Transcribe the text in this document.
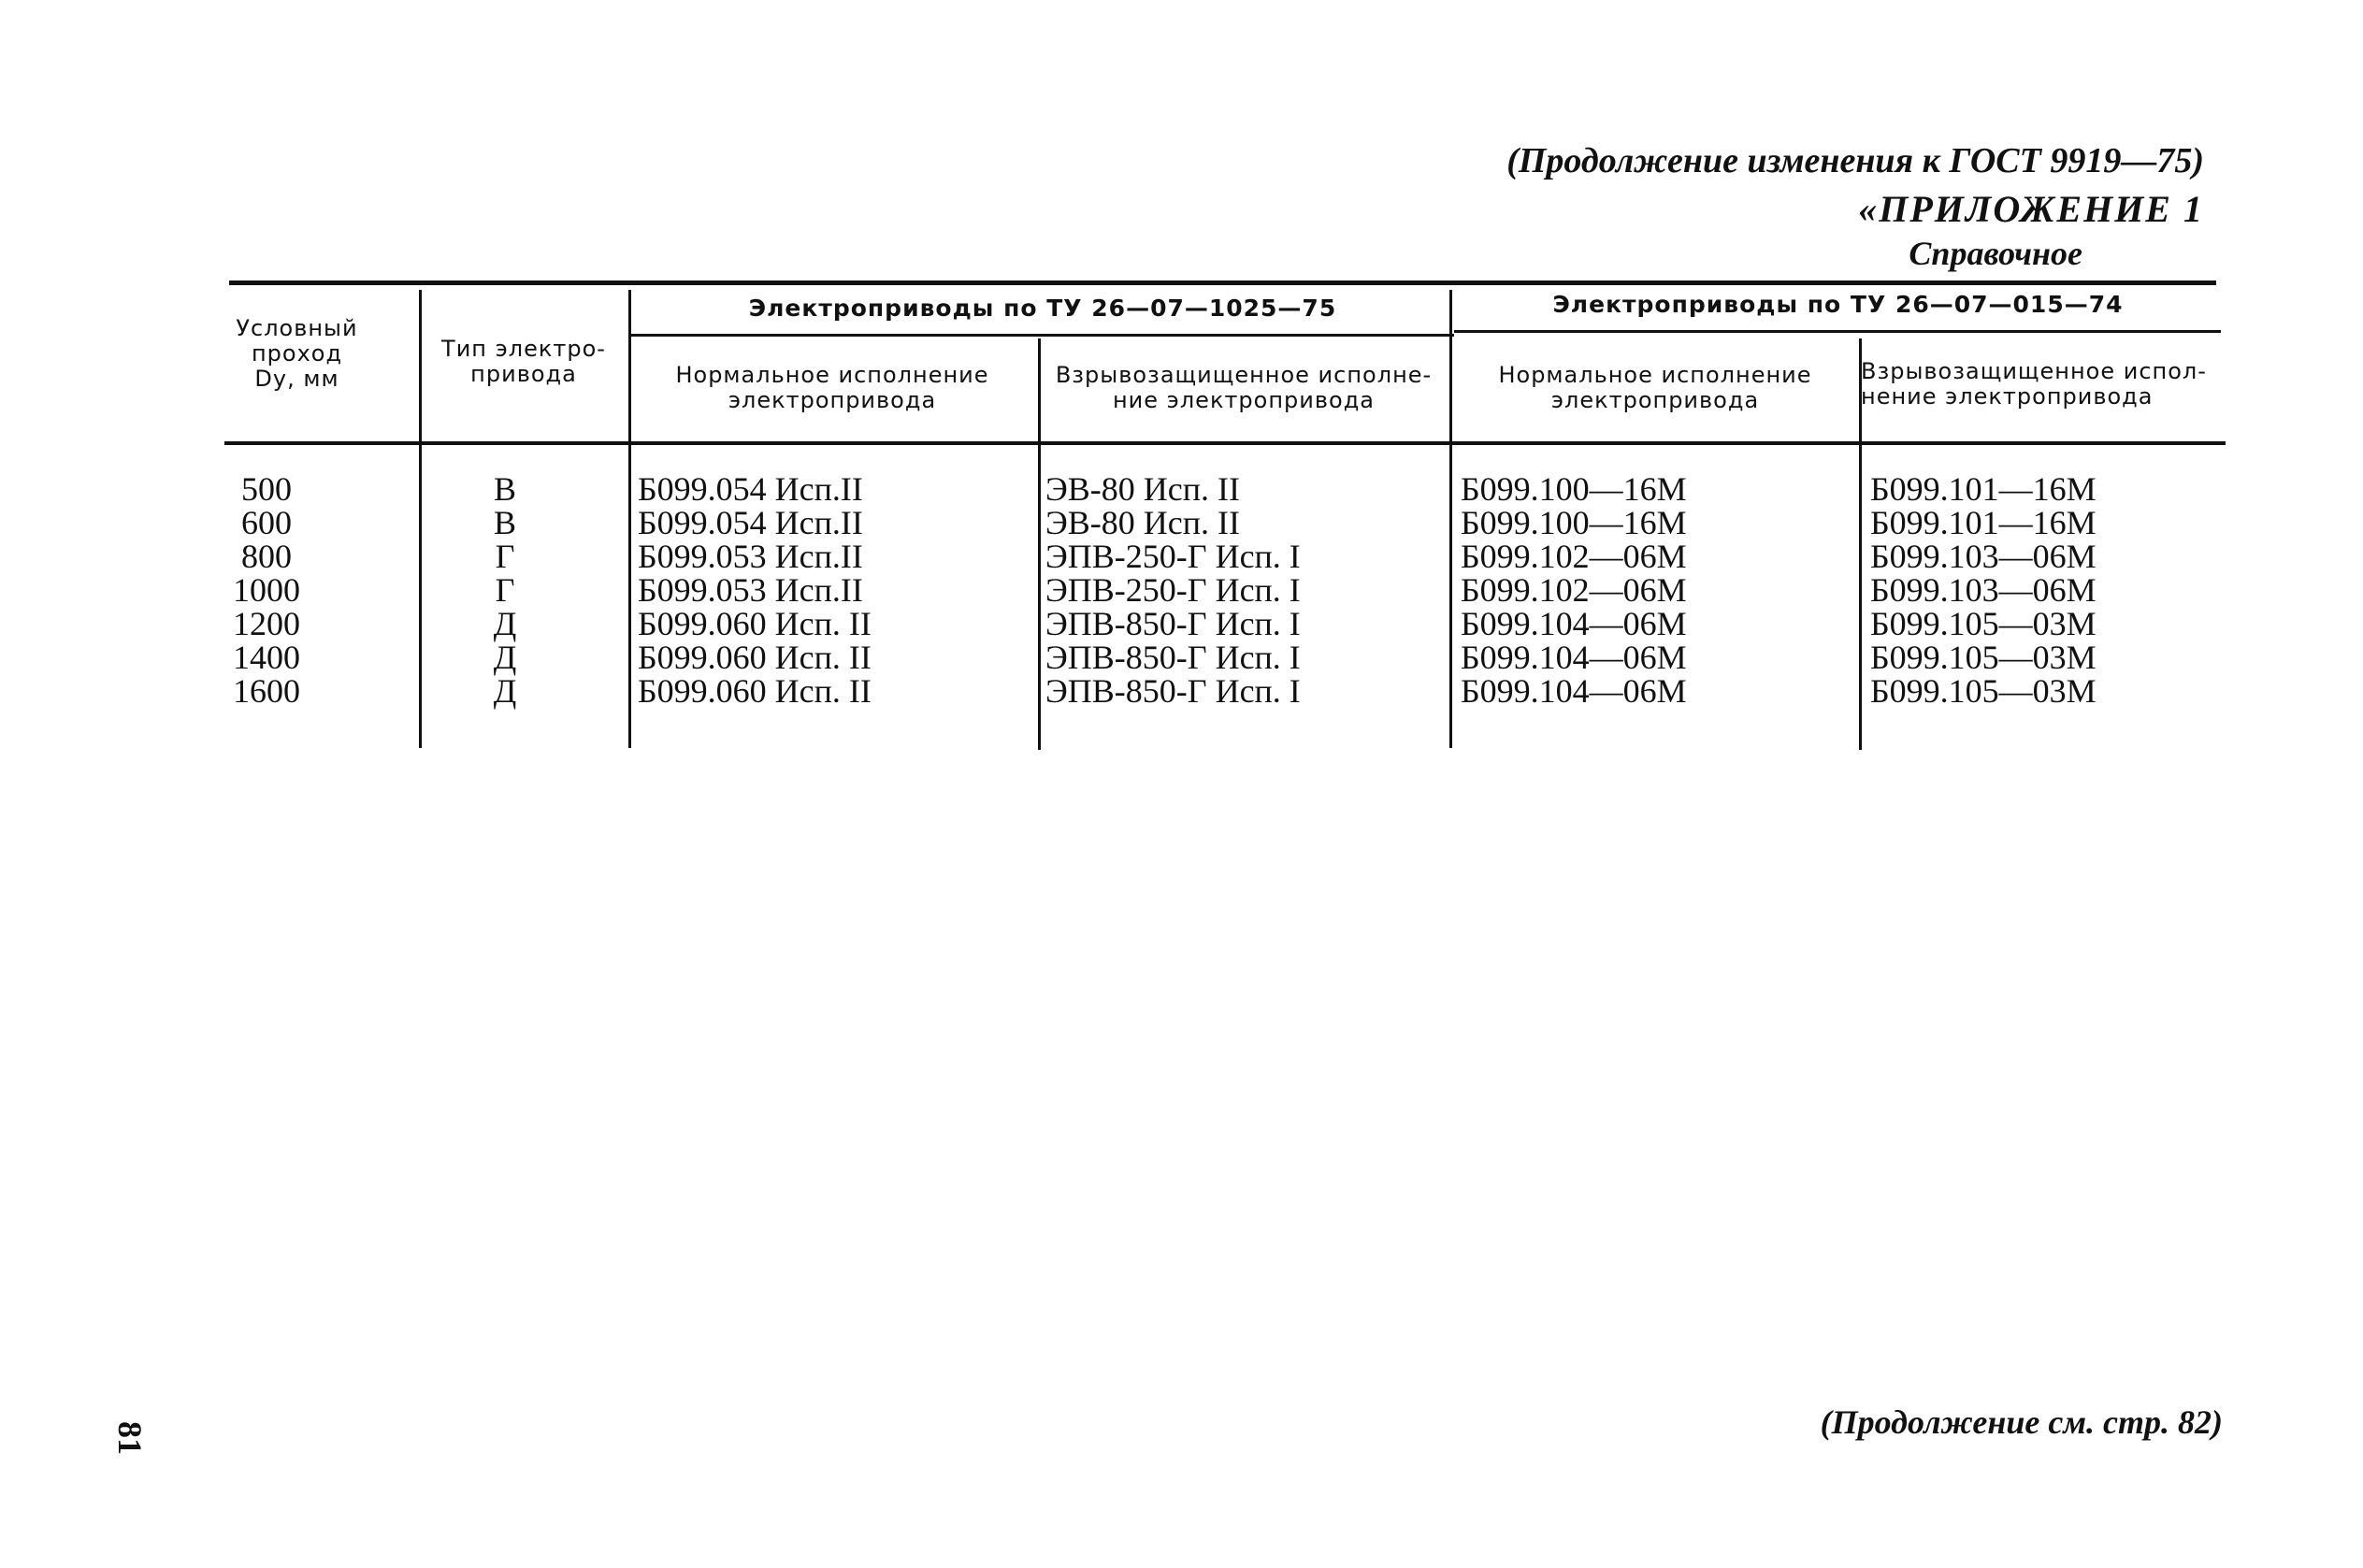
(Продолжение изменения к ГОСТ 9919—75)
«ПРИЛОЖЕНИЕ 1
Справочное
Условный проход Dу, мм
Тип электро-привода
Электроприводы по ТУ 26—07—1025—75	Электроприводы по ТУ 26—07—015—74
Нормальное исполнение электропривода
Взрывозащищенное исполне-ние электропривода
Нормальное исполнение электропривода
Взрывозащищенное испол-нение электропривода
500
600
800
1000
1200
1400
1600
В
В
Г
Г
Д
Д
Д
Б099.054 Исп.II
Б099.054 Исп.II
Б099.053 Исп.II
Б099.053 Исп.II
Б099.060 Исп. II
Б099.060 Исп. II
Б099.060 Исп. II
ЭВ-80 Исп. II
ЭВ-80 Исп. II
ЭПВ-250-Г Исп. I
ЭПВ-250-Г Исп. I
ЭПВ-850-Г Исп. I
ЭПВ-850-Г Исп. I
ЭПВ-850-Г Исп. I
Б099.100—16М
Б099.100—16М
Б099.102—06М
Б099.102—06М
Б099.104—06М
Б099.104—06М
Б099.104—06М
Б099.101—16М
Б099.101—16М
Б099.103—06М
Б099.103—06М
Б099.105—03М
Б099.105—03М
Б099.105—03М
(Продолжение см. стр. 82)
81
